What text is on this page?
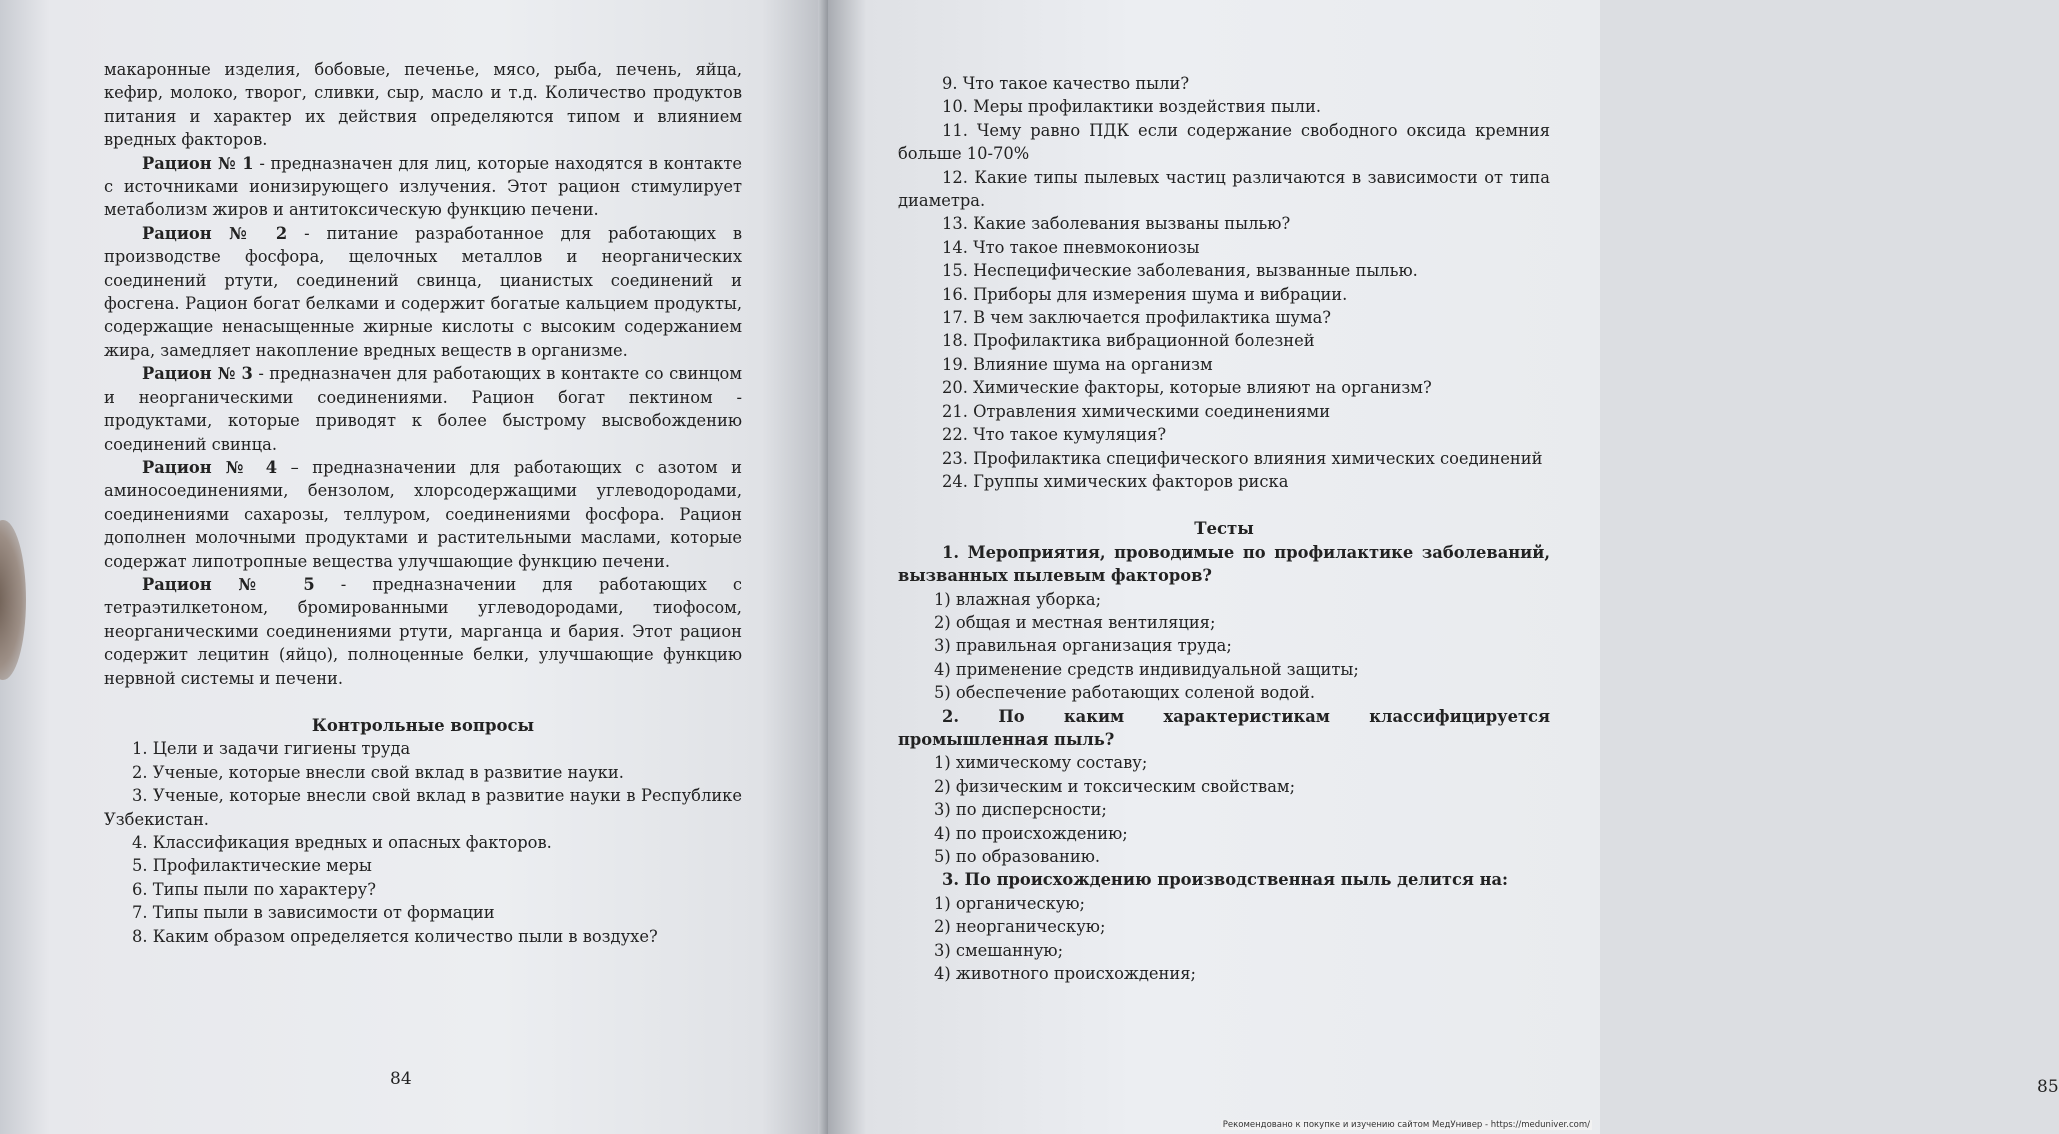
макаронные изделия, бобовые, печенье, мясо, рыба, печень, яйца, кефир, молоко, творог, сливки, сыр, масло и т.д. Количество продуктов питания и характер их действия определяются типом и влиянием вредных факторов.

Рацион № 1 - предназначен для лиц, которые находятся в контакте с источниками ионизирующего излучения. Этот рацион стимулирует метаболизм жиров и антитоксическую функцию печени.

Рацион № 2 - питание разработанное для работающих в производстве фосфора, щелочных металлов и неорганических соединений ртути, соединений свинца, цианистых соединений и фосгена. Рацион богат белками и содержит богатые кальцием продукты, содержащие ненасыщенные жирные кислоты с высоким содержанием жира, замедляет накопление вредных веществ в организме.

Рацион № 3 - предназначен для работающих в контакте со свинцом и неорганическими соединениями. Рацион богат пектином - продуктами, которые приводят к более быстрому высвобождению соединений свинца.

Рацион № 4 – предназначении для работающих с азотом и аминосоединениями, бензолом, хлорсодержащими углеводородами, соединениями сахарозы, теллуром, соединениями фосфора. Рацион дополнен молочными продуктами и растительными маслами, которые содержат липотропные вещества улучшающие функцию печени.

Рацион № 5 - предназначении для работающих с тетраэтилкетоном, бромированными углеводородами, тиофосом, неорганическими соединениями ртути, марганца и бария. Этот рацион содержит лецитин (яйцо), полноценные белки, улучшающие функцию нервной системы и печени.

Контрольные вопросы

1. Цели и задачи гигиены труда

2. Ученые, которые внесли свой вклад в развитие науки.

3. Ученые, которые внесли свой вклад в развитие науки в Республике Узбекистан.

4. Классификация вредных и опасных факторов.

5. Профилактические меры

6. Типы пыли по характеру?

7. Типы пыли в зависимости от формации

8. Каким образом определяется количество пыли в воздухе?

84

9. Что такое качество пыли?

10. Меры профилактики воздействия пыли.

11. Чему равно ПДК если содержание свободного оксида кремния больше 10-70%

12. Какие типы пылевых частиц различаются в зависимости от типа диаметра.

13. Какие заболевания вызваны пылью?

14. Что такое пневмокониозы

15. Неспецифические заболевания, вызванные пылью.

16. Приборы для измерения шума и вибрации.

17. В чем заключается профилактика шума?

18. Профилактика вибрационной болезней

19. Влияние шума на организм

20. Химические факторы, которые влияют на организм?

21. Отравления химическими соединениями

22. Что такое кумуляция?

23. Профилактика специфического влияния химических соединений

24. Группы химических факторов риска

Тесты

1. Мероприятия, проводимые по профилактике заболеваний, вызванных пылевым факторов?

1) влажная уборка;

2) общая и местная вентиляция;

3) правильная организация труда;

4) применение средств индивидуальной защиты;

5) обеспечение работающих соленой водой.

2. По каким характеристикам классифицируется промышленная пыль?

1) химическому составу;

2) физическим и токсическим свойствам;

3) по дисперсности;

4) по происхождению;

5) по образованию.

3. По происхождению производственная пыль делится на:

1) органическую;

2) неорганическую;

3) смешанную;

4) животного происхождения;

85
Рекомендовано к покупке и изучению сайтом МедУнивер - https://meduniver.com/
